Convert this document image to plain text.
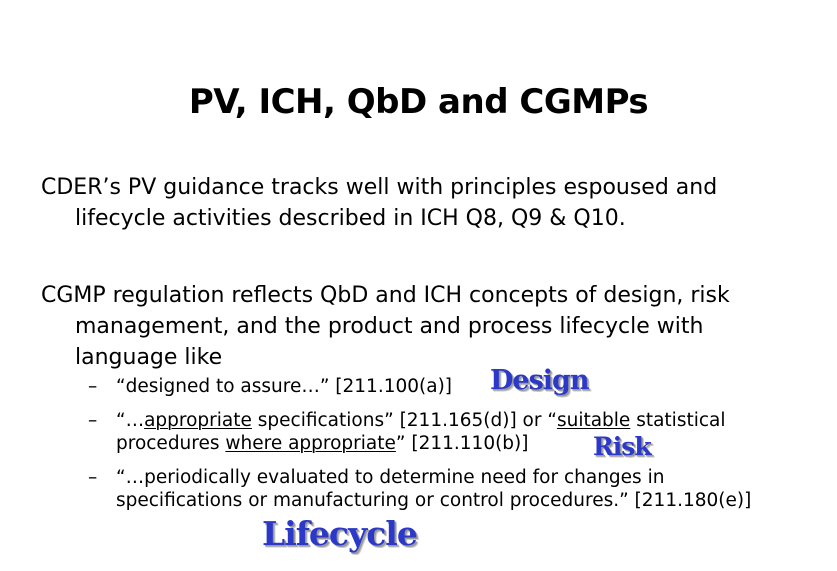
PV, ICH, QbD and CGMPs
CDER’s PV guidance tracks well with principles espoused and
lifecycle activities described in ICH Q8, Q9 & Q10.
CGMP regulation reflects QbD and ICH concepts of design, risk
management, and the product and process lifecycle with
language like
– “designed to assure…” [211.100(a)]
– “…appropriate specifications” [211.165(d)] or “suitable statistical
procedures where appropriate” [211.110(b)]
– “…periodically evaluated to determine need for changes in
specifications or manufacturing or control procedures.” [211.180(e)]
Design
Risk
Lifecycle
